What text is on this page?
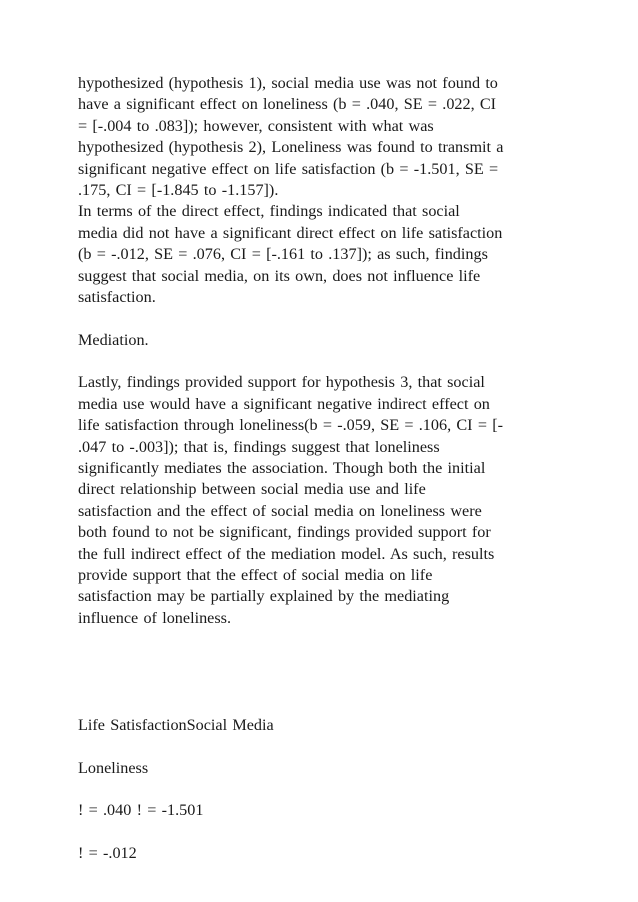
hypothesized (hypothesis 1), social media use was not found to
have a significant effect on loneliness (b = .040, SE = .022, CI
= [-.004 to .083]); however, consistent with what was
hypothesized (hypothesis 2), Loneliness was found to transmit a
significant negative effect on life satisfaction (b = -1.501, SE =
.175, CI = [-1.845 to -1.157]).
In terms of the direct effect, findings indicated that social
media did not have a significant direct effect on life satisfaction
(b = -.012, SE = .076, CI = [-.161 to .137]); as such, findings
suggest that social media, on its own, does not influence life
satisfaction.
Mediation.
Lastly, findings provided support for hypothesis 3, that social
media use would have a significant negative indirect effect on
life satisfaction through loneliness(b = -.059, SE = .106, CI = [-
.047 to -.003]); that is, findings suggest that loneliness
significantly mediates the association. Though both the initial
direct relationship between social media use and life
satisfaction and the effect of social media on loneliness were
both found to not be significant, findings provided support for
the full indirect effect of the mediation model. As such, results
provide support that the effect of social media on life
satisfaction may be partially explained by the mediating
influence of loneliness.
Life SatisfactionSocial Media
Loneliness
! = .040 ! = -1.501
! = -.012
